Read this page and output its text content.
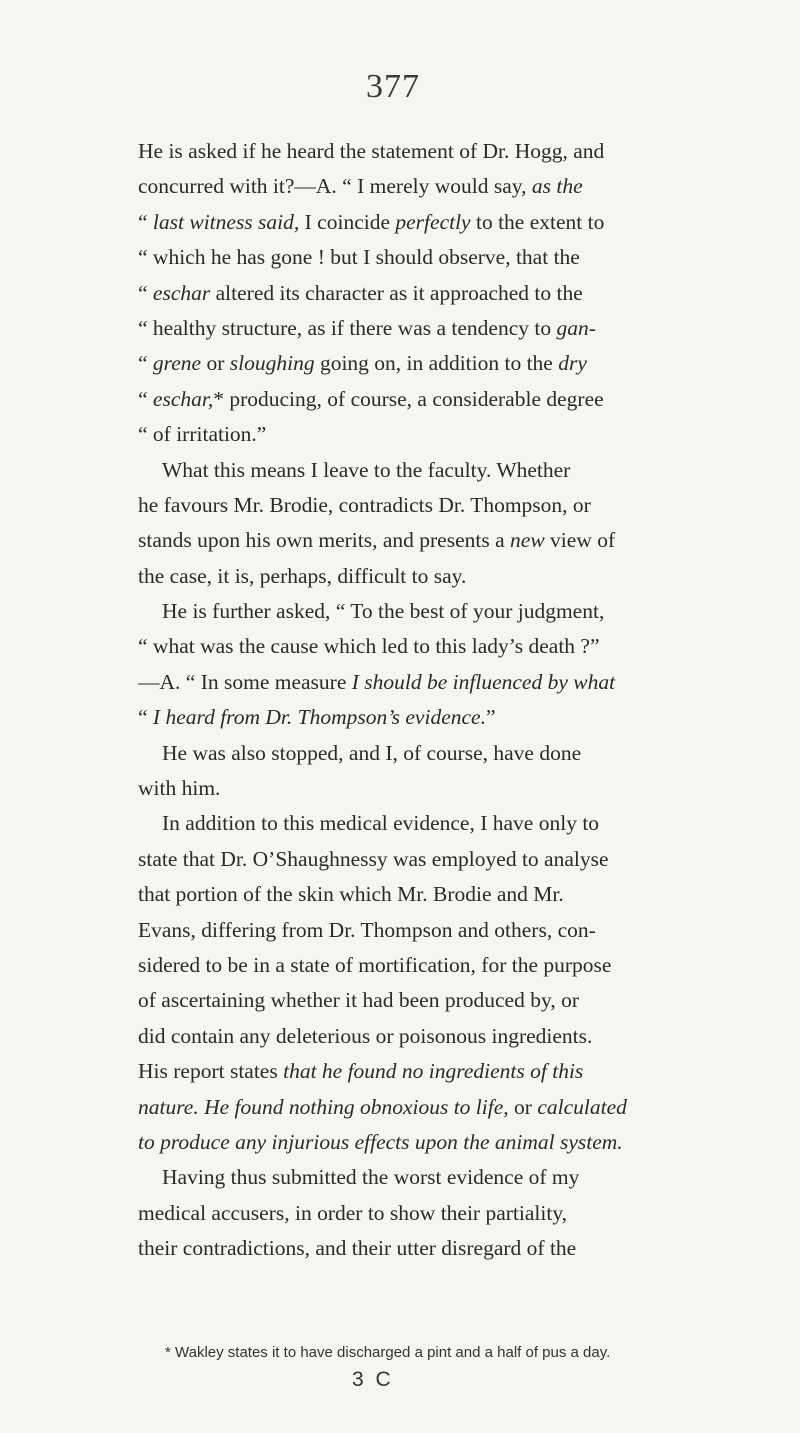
377
He is asked if he heard the statement of Dr. Hogg, and
concurred with it?—A. “ I merely would say, as the
“ last witness said, I coincide perfectly to the extent to
“ which he has gone ! but I should observe, that the
“ eschar altered its character as it approached to the
“ healthy structure, as if there was a tendency to gan-
“ grene or sloughing going on, in addition to the dry
“ eschar,* producing, of course, a considerable degree
“ of irritation.”
What this means I leave to the faculty. Whether
he favours Mr. Brodie, contradicts Dr. Thompson, or
stands upon his own merits, and presents a new view of
the case, it is, perhaps, difficult to say.
He is further asked, “ To the best of your judgment,
“ what was the cause which led to this lady’s death ?”
—A. “ In some measure I should be influenced by what
“ I heard from Dr. Thompson’s evidence.”
He was also stopped, and I, of course, have done
with him.
In addition to this medical evidence, I have only to
state that Dr. O’Shaughnessy was employed to analyse
that portion of the skin which Mr. Brodie and Mr.
Evans, differing from Dr. Thompson and others, con-
sidered to be in a state of mortification, for the purpose
of ascertaining whether it had been produced by, or
did contain any deleterious or poisonous ingredients.
His report states that he found no ingredients of this
nature. He found nothing obnoxious to life, or calculated
to produce any injurious effects upon the animal system.
Having thus submitted the worst evidence of my
medical accusers, in order to show their partiality,
their contradictions, and their utter disregard of the
* Wakley states it to have discharged a pint and a half of pus a day.
3 C
